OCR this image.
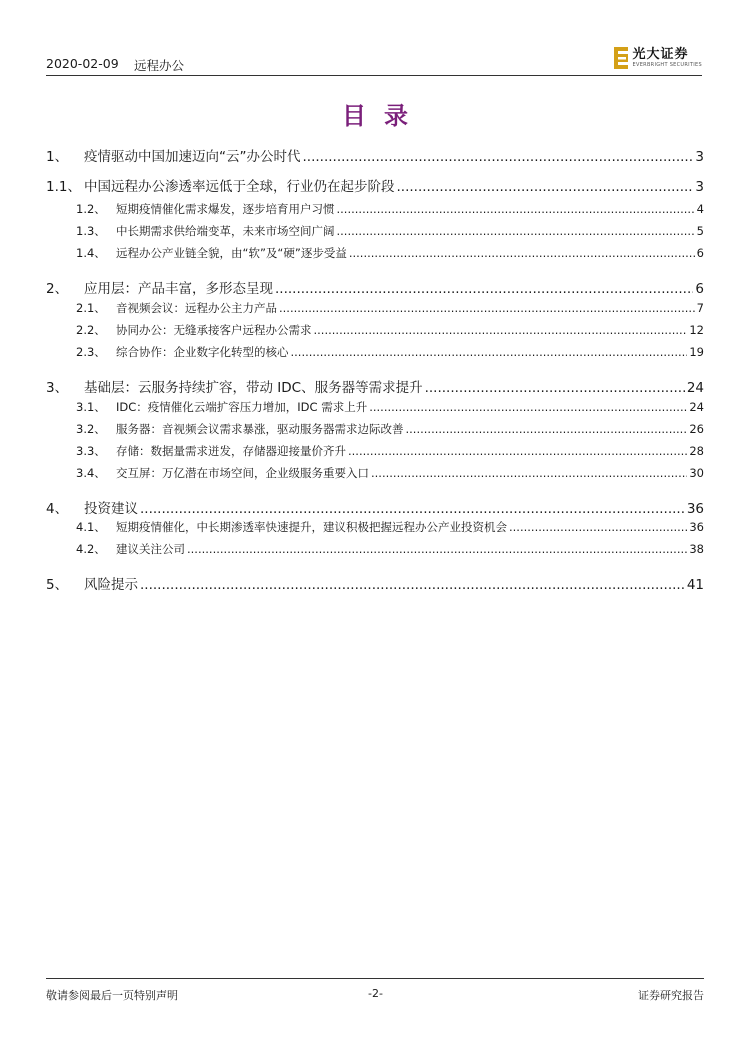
2020-02-09 远程办公
光大证券
EVERBRIGHT SECURITIES
目录
1、	疫情驱动中国加速迈向“云”办公时代 .....	3
1.1、 中国远程办公渗透率远低于全球，行业仍在起步阶段 .....	3
1.2、 短期疫情催化需求爆发，逐步培育用户习惯 .....	4
1.3、 中长期需求供给端变革，未来市场空间广阔 .....	5
1.4、 远程办公产业链全貌，由“软”及“硬”逐步受益 .....	6
2、	应用层：产品丰富，多形态呈现 .....	6
2.1、 音视频会议：远程办公主力产品 .....	7
2.2、 协同办公：无缝承接客户远程办公需求 .....	12
2.3、 综合协作：企业数字化转型的核心 .....	19
3、	基础层：云服务持续扩容，带动 IDC、服务器等需求提升 .....	24
3.1、 IDC：疫情催化云端扩容压力增加，IDC 需求上升 .....	24
3.2、 服务器：音视频会议需求暴涨，驱动服务器需求边际改善 .....	26
3.3、 存储：数据量需求迸发，存储器迎接量价齐升 .....	28
3.4、 交互屏：万亿潜在市场空间，企业级服务重要入口 .....	30
4、	投资建议 .....	36
4.1、 短期疫情催化，中长期渗透率快速提升，建议积极把握远程办公产业投资机会 .....	36
4.2、 建议关注公司 .....	38
5、	风险提示 .....	41
敬请参阅最后一页特别声明	-2-	证券研究报告
